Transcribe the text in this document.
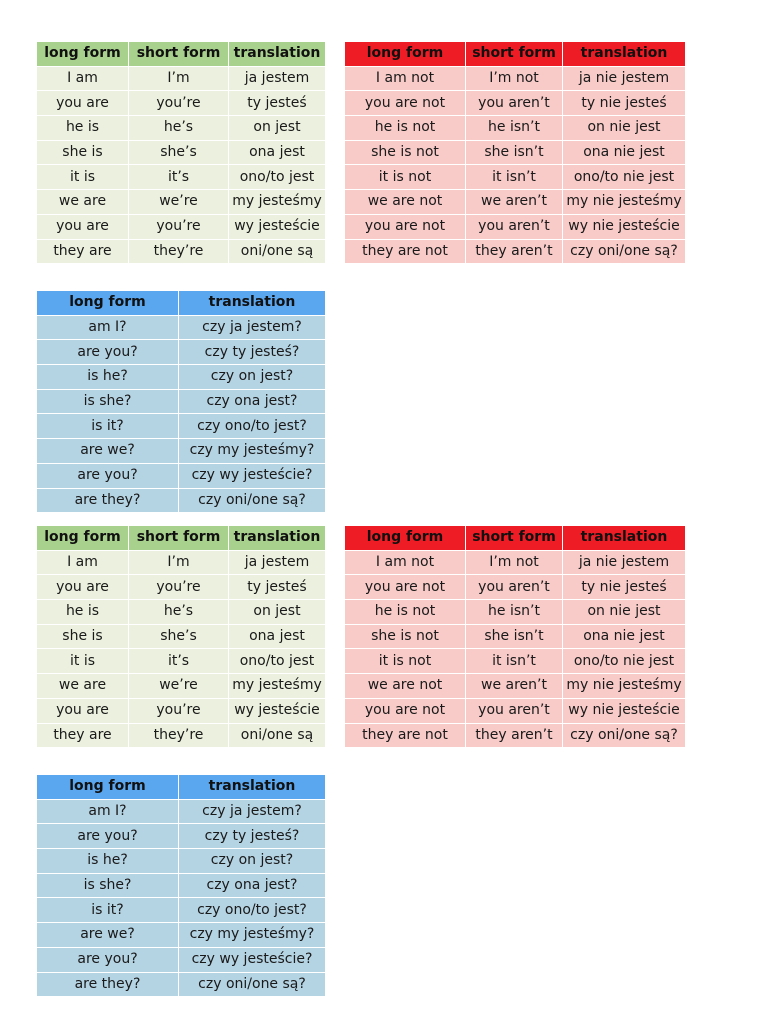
long form	short form	translation
I am	I’m	ja jestem
you are	you’re	ty jesteś
he is	he’s	on jest
she is	she’s	ona jest
it is	it’s	ono/to jest
we are	we’re	my jesteśmy
you are	you’re	wy jesteście
they are	they’re	oni/one są
long form	short form	translation
I am not	I’m not	ja nie jestem
you are not	you aren’t	ty nie jesteś
he is not	he isn’t	on nie jest
she is not	she isn’t	ona nie jest
it is not	it isn’t	ono/to nie jest
we are not	we aren’t	my nie jesteśmy
you are not	you aren’t	wy nie jesteście
they are not	they aren’t	czy oni/one są?
long form	translation
am I?	czy ja jestem?
are you?	czy ty jesteś?
is he?	czy on jest?
is she?	czy ona jest?
is it?	czy ono/to jest?
are we?	czy my jesteśmy?
are you?	czy wy jesteście?
are they?	czy oni/one są?
long form	short form	translation
I am	I’m	ja jestem
you are	you’re	ty jesteś
he is	he’s	on jest
she is	she’s	ona jest
it is	it’s	ono/to jest
we are	we’re	my jesteśmy
you are	you’re	wy jesteście
they are	they’re	oni/one są
long form	short form	translation
I am not	I’m not	ja nie jestem
you are not	you aren’t	ty nie jesteś
he is not	he isn’t	on nie jest
she is not	she isn’t	ona nie jest
it is not	it isn’t	ono/to nie jest
we are not	we aren’t	my nie jesteśmy
you are not	you aren’t	wy nie jesteście
they are not	they aren’t	czy oni/one są?
long form	translation
am I?	czy ja jestem?
are you?	czy ty jesteś?
is he?	czy on jest?
is she?	czy ona jest?
is it?	czy ono/to jest?
are we?	czy my jesteśmy?
are you?	czy wy jesteście?
are they?	czy oni/one są?
